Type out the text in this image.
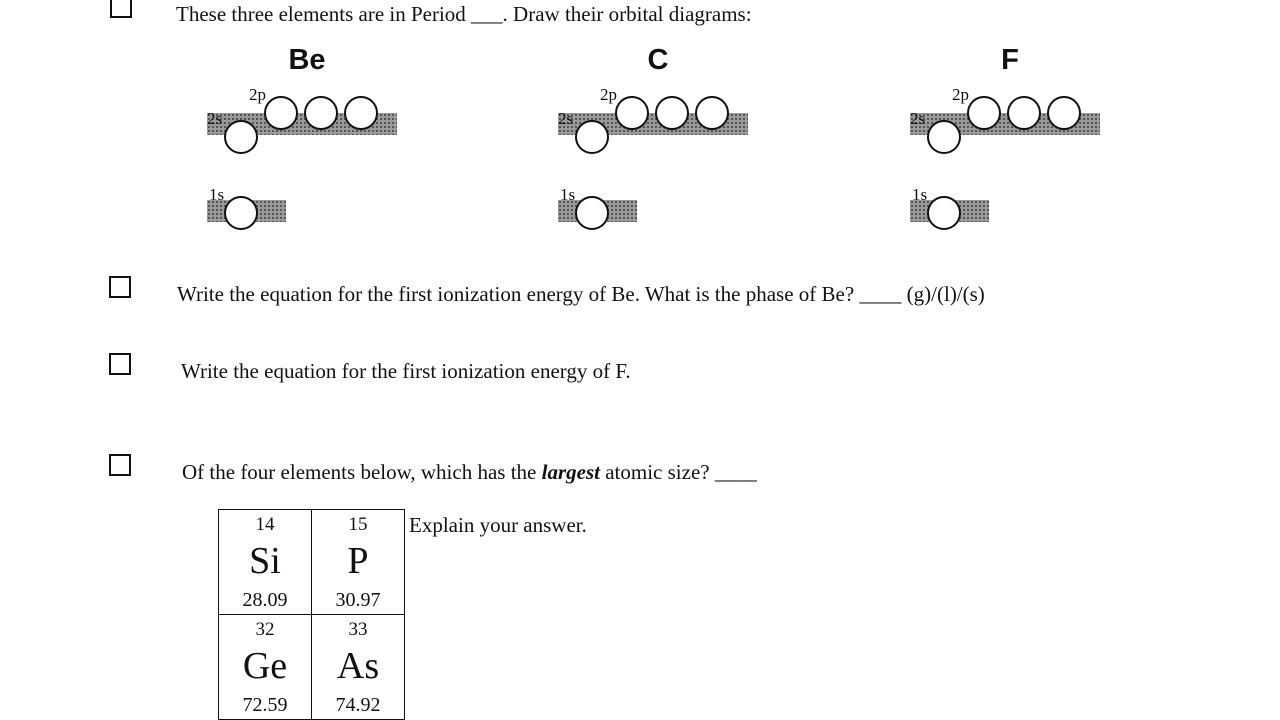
These three elements are in Period ___. Draw their orbital diagrams:
Be	C	F
2p
2s
1s
2p
2s
1s
2p
2s
1s
Write the equation for the first ionization energy of Be. What is the phase of Be? ____ (g)/(l)/(s)
Write the equation for the first ionization energy of F.
Of the four elements below, which has the largest atomic size? ____
14
Si
28.09	15
P
30.97

32
Ge
72.59	33
As
74.92
Explain your answer.
